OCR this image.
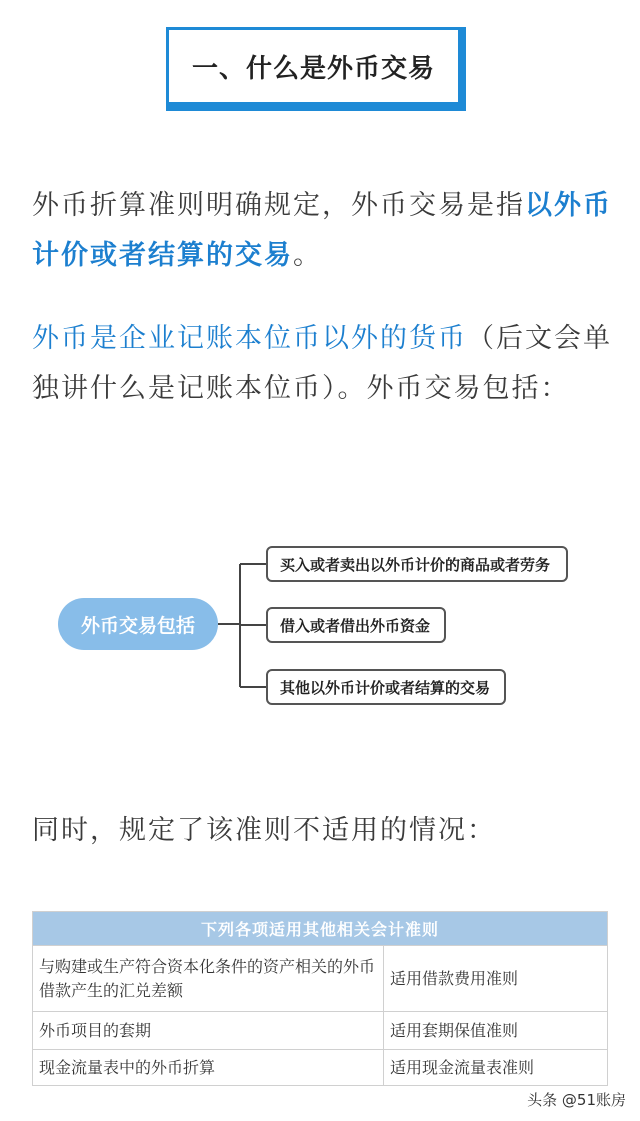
一、什么是外币交易
外币折算准则明确规定，外币交易是指以外币计价或者结算的交易。
外币是企业记账本位币以外的货币（后文会单独讲什么是记账本位币）。外币交易包括：
外币交易包括
买入或者卖出以外币计价的商品或者劳务
借入或者借出外币资金
其他以外币计价或者结算的交易
同时，规定了该准则不适用的情况：
下列各项适用其他相关会计准则	
与购建或生产符合资本化条件的资产相关的外币借款产生的汇兑差额	适用借款费用准则
外币项目的套期	适用套期保值准则
现金流量表中的外币折算	适用现金流量表准则
头条 @51账房
